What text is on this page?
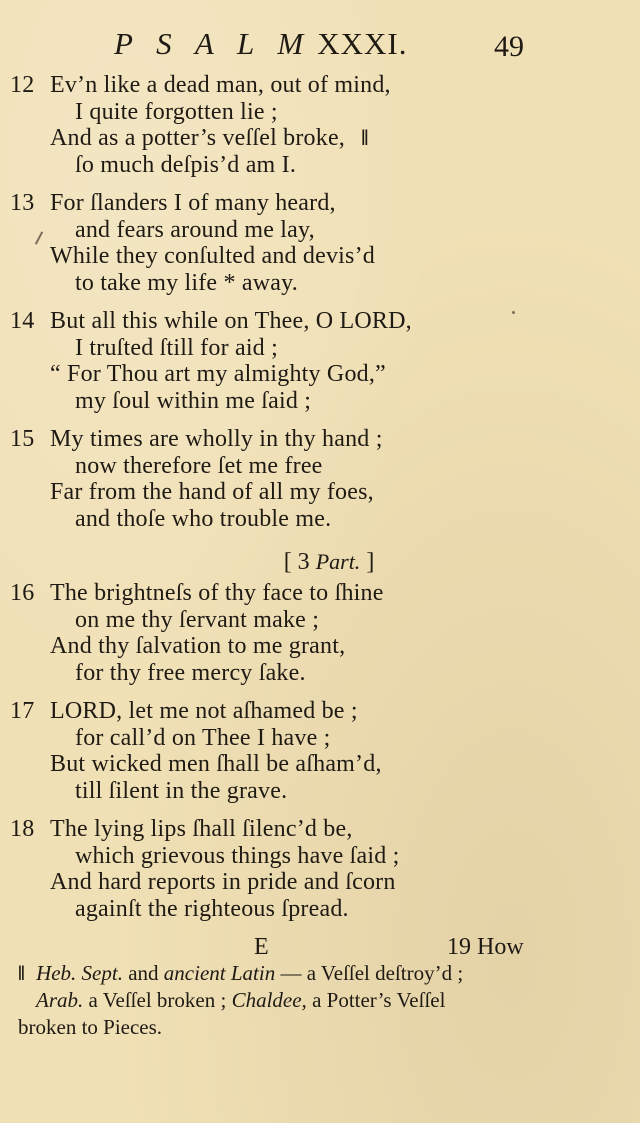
P S A L M XXXI.	49
12 Ev’n like a dead man, out of mind,
I quite forgotten lie ;
And as a potter’s veſſel broke, ‖
ſo much deſpis’d am I.
13 For ſlanders I of many heard,
and fears around me lay,
While they conſulted and devis’d
to take my life * away.
14 But all this while on Thee, O LORD,
I truſted ſtill for aid ;
“ For Thou art my almighty God,”
my ſoul within me ſaid ;
15 My times are wholly in thy hand ;
now therefore ſet me free
Far from the hand of all my foes,
and thoſe who trouble me.
[ 3 Part. ]
16 The brightneſs of thy face to ſhine
on me thy ſervant make ;
And thy ſalvation to me grant,
for thy free mercy ſake.
17 LORD, let me not aſhamed be ;
for call’d on Thee I have ;
But wicked men ſhall be aſham’d,
till ſilent in the grave.
18 The lying lips ſhall ſilenc’d be,
which grievous things have ſaid ;
And hard reports in pride and ſcorn
againſt the righteous ſpread.
E	19 How
‖ Heb. Sept. and ancient Latin — a Veſſel deſtroy’d ;
Arab. a Veſſel broken ; Chaldee, a Potter’s Veſſel
broken to Pieces.
